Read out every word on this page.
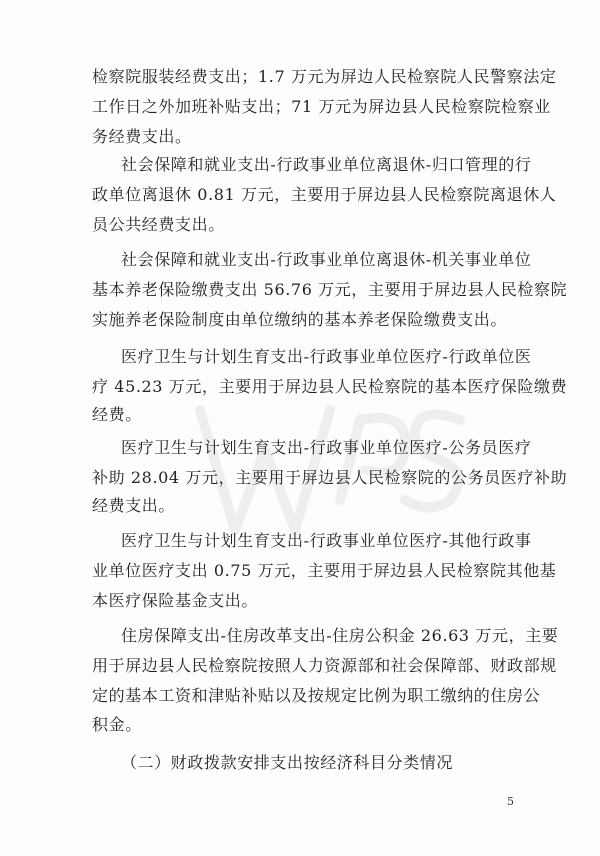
检察院服装经费支出；1.7 万元为屏边人民检察院人民警察法定
工作日之外加班补贴支出；71 万元为屏边县人民检察院检察业
务经费支出。
社会保障和就业支出-行政事业单位离退休-归口管理的行
政单位离退休 0.81 万元，主要用于屏边县人民检察院离退休人
员公共经费支出。
社会保障和就业支出-行政事业单位离退休-机关事业单位
基本养老保险缴费支出 56.76 万元，主要用于屏边县人民检察院
实施养老保险制度由单位缴纳的基本养老保险缴费支出。
医疗卫生与计划生育支出-行政事业单位医疗-行政单位医
疗 45.23 万元，主要用于屏边县人民检察院的基本医疗保险缴费
经费。
医疗卫生与计划生育支出-行政事业单位医疗-公务员医疗
补助 28.04 万元，主要用于屏边县人民检察院的公务员医疗补助
经费支出。
医疗卫生与计划生育支出-行政事业单位医疗-其他行政事
业单位医疗支出 0.75 万元，主要用于屏边县人民检察院其他基
本医疗保险基金支出。
住房保障支出-住房改革支出-住房公积金 26.63 万元，主要
用于屏边县人民检察院按照人力资源部和社会保障部、财政部规
定的基本工资和津贴补贴以及按规定比例为职工缴纳的住房公
积金。
（二）财政拨款安排支出按经济科目分类情况
5
